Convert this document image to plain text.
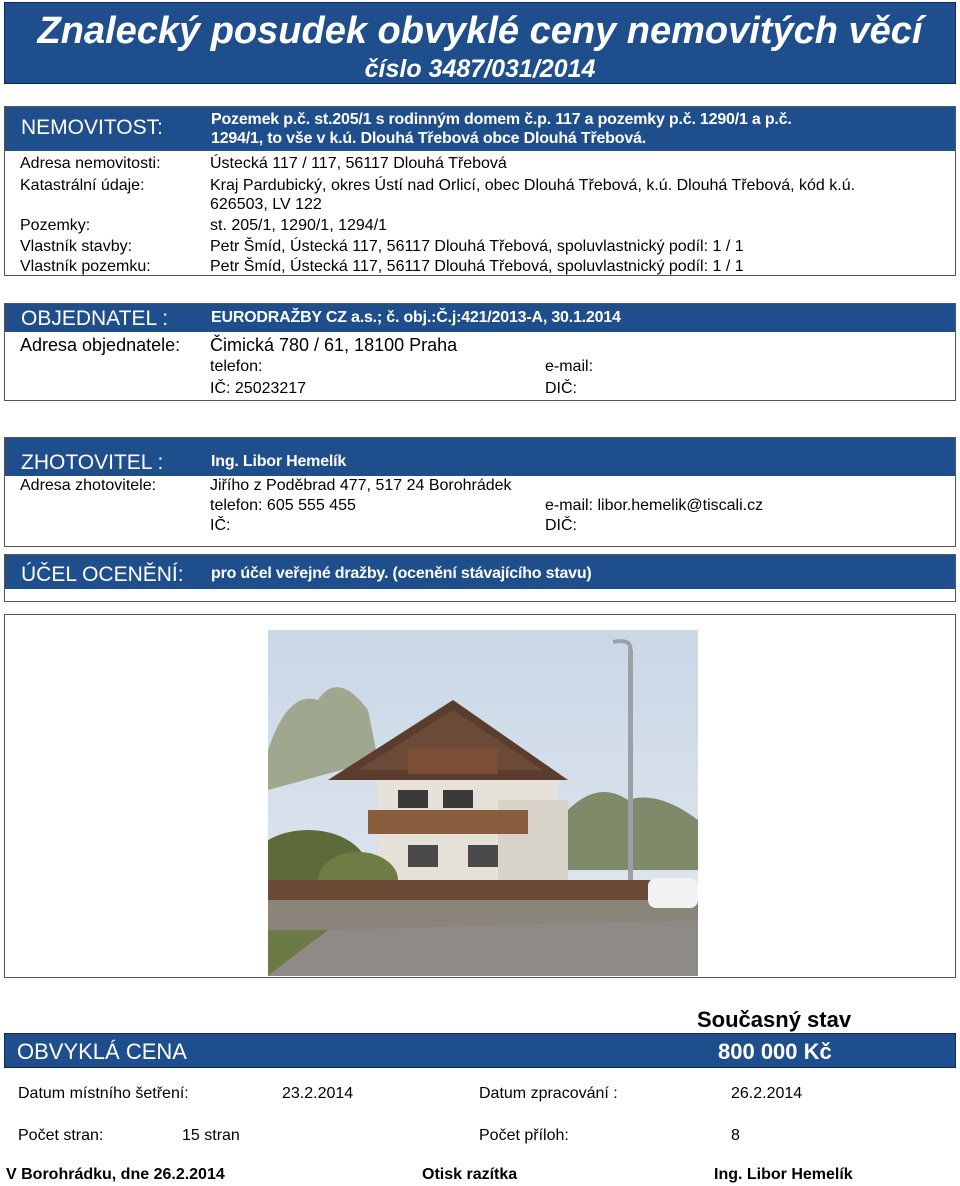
Znalecký posudek obvyklé ceny nemovitých věcí
číslo 3487/031/2014
NEMOVITOST:	Pozemek p.č. st.205/1 s rodinným domem č.p. 117 a pozemky p.č. 1290/1 a p.č.
1294/1, to vše v k.ú. Dlouhá Třebová obce Dlouhá Třebová.
Adresa nemovitosti:	Ústecká 117 / 117, 56117 Dlouhá Třebová
Katastrální údaje:	Kraj Pardubický, okres Ústí nad Orlicí, obec Dlouhá Třebová, k.ú. Dlouhá Třebová, kód k.ú.
626503, LV 122
Pozemky:	st. 205/1, 1290/1, 1294/1
Vlastník stavby:	Petr Šmíd, Ústecká 117, 56117 Dlouhá Třebová, spoluvlastnický podíl: 1 / 1
Vlastník pozemku:	Petr Šmíd, Ústecká 117, 56117 Dlouhá Třebová, spoluvlastnický podíl: 1 / 1
OBJEDNATEL :	EURODRAŽBY CZ a.s.; č. obj.:Č.j:421/2013-A, 30.1.2014
Adresa objednatele: Čimická 780 / 61, 18100 Praha
telefon:	e-mail:
IČ: 25023217	DIČ:
ZHOTOVITEL :	Ing. Libor Hemelík
Adresa zhotovitele:	Jiřího z Poděbrad 477, 517 24 Borohrádek
telefon: 605 555 455	e-mail: libor.hemelik@tiscali.cz
IČ:	DIČ:
ÚČEL OCENĚNÍ: pro účel veřejné dražby. (ocenění stávajícího stavu)
Současný stav
OBVYKLÁ CENA	800 000 Kč
Datum místního šetření:	23.2.2014	Datum zpracování :	26.2.2014
Počet stran:	15 stran	Počet příloh:	8
V Borohrádku, dne 26.2.2014	Otisk razítka	Ing. Libor Hemelík
